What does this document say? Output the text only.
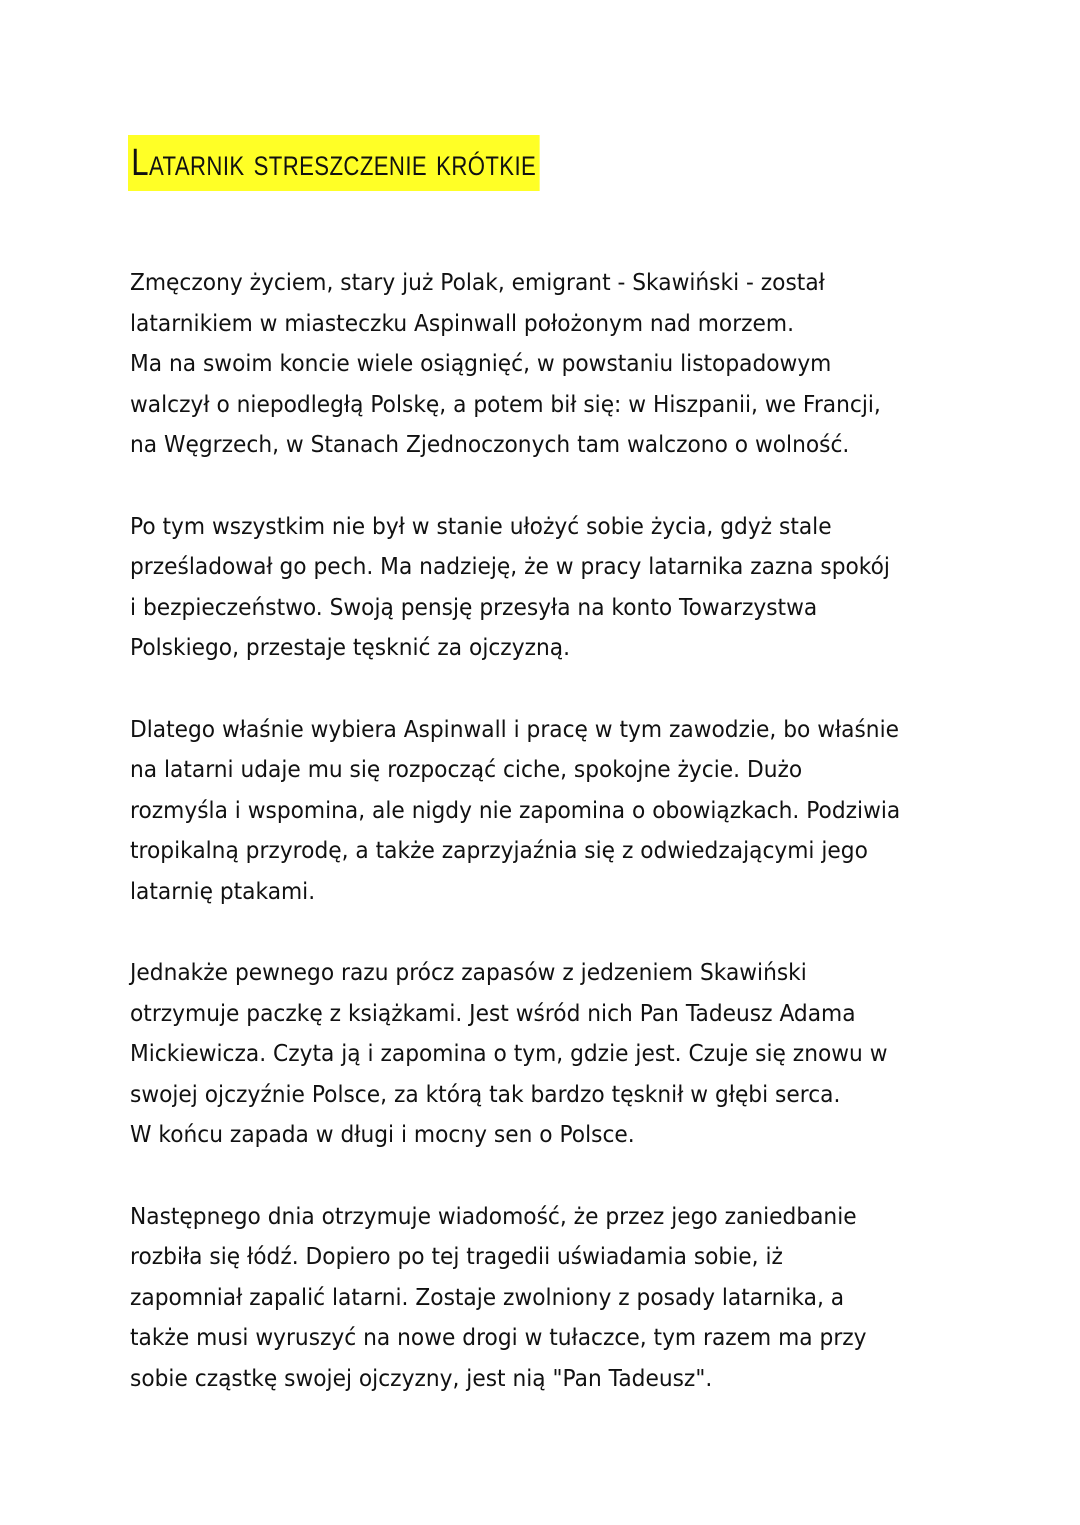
Latarnik streszczenie krótkie
Zmęczony życiem, stary już Polak, emigrant - Skawiński - został
latarnikiem w miasteczku Aspinwall położonym nad morzem.
Ma na swoim koncie wiele osiągnięć, w powstaniu listopadowym
walczył o niepodległą Polskę, a potem bił się: w Hiszpanii, we Francji,
na Węgrzech, w Stanach Zjednoczonych tam walczono o wolność.
Po tym wszystkim nie był w stanie ułożyć sobie życia, gdyż stale
prześladował go pech. Ma nadzieję, że w pracy latarnika zazna spokój
i bezpieczeństwo. Swoją pensję przesyła na konto Towarzystwa
Polskiego, przestaje tęsknić za ojczyzną.
Dlatego właśnie wybiera Aspinwall i pracę w tym zawodzie, bo właśnie
na latarni udaje mu się rozpocząć ciche, spokojne życie. Dużo
rozmyśla i wspomina, ale nigdy nie zapomina o obowiązkach. Podziwia
tropikalną przyrodę, a także zaprzyjaźnia się z odwiedzającymi jego
latarnię ptakami.
Jednakże pewnego razu prócz zapasów z jedzeniem Skawiński
otrzymuje paczkę z książkami. Jest wśród nich Pan Tadeusz Adama
Mickiewicza. Czyta ją i zapomina o tym, gdzie jest. Czuje się znowu w
swojej ojczyźnie Polsce, za którą tak bardzo tęsknił w głębi serca.
W końcu zapada w długi i mocny sen o Polsce.
Następnego dnia otrzymuje wiadomość, że przez jego zaniedbanie
rozbiła się łódź. Dopiero po tej tragedii uświadamia sobie, iż
zapomniał zapalić latarni. Zostaje zwolniony z posady latarnika, a
także musi wyruszyć na nowe drogi w tułaczce, tym razem ma przy
sobie cząstkę swojej ojczyzny, jest nią "Pan Tadeusz".
